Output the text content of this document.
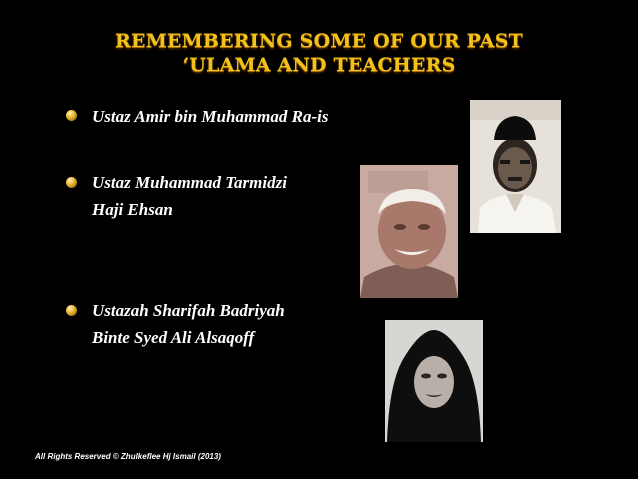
REMEMBERING SOME OF OUR PAST
‘ULAMA AND TEACHERS
Ustaz Amir bin Muhammad Ra-is
Ustaz Muhammad Tarmidzi
Haji Ehsan
Ustazah Sharifah Badriyah
Binte Syed Ali Alsaqoff
All Rights Reserved © Zhulkeflee Hj Ismail (2013)
